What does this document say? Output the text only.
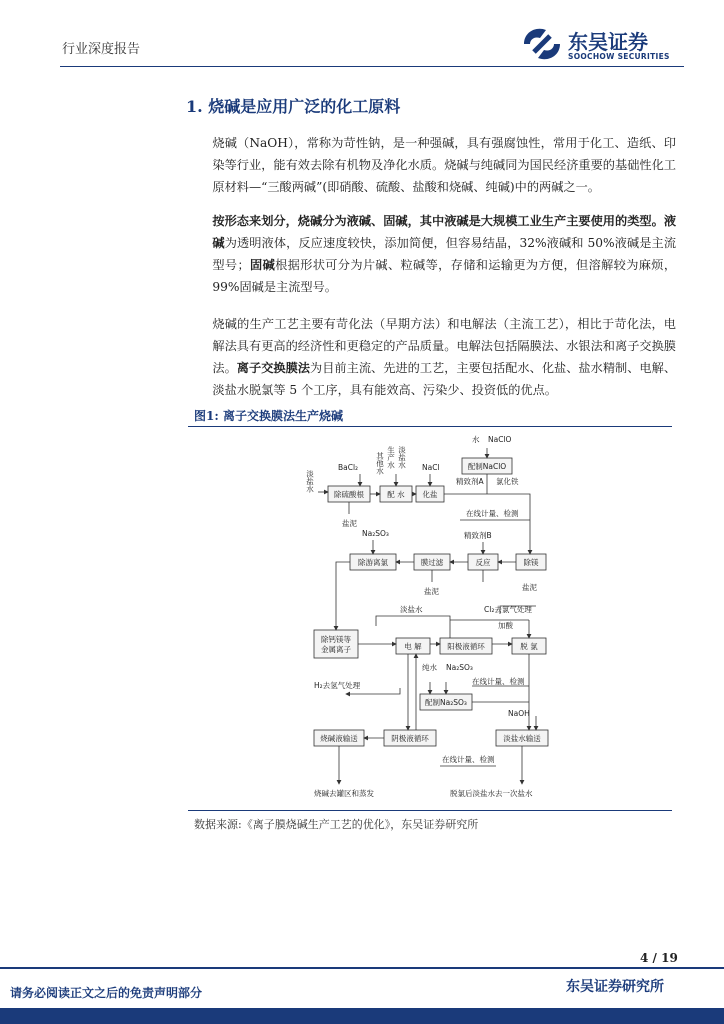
行业深度报告	东吴证券
SOOCHOW SECURITIES
1. 烧碱是应用广泛的化工原料
烧碱（NaOH），常称为苛性钠，是一种强碱，具有强腐蚀性，常用于化工、造纸、印染等行业，能有效去除有机物及净化水质。烧碱与纯碱同为国民经济重要的基础性化工原材料—“三酸两碱”(即硝酸、硫酸、盐酸和烧碱、纯碱)中的两碱之一。
按形态来划分，烧碱分为液碱、固碱，其中液碱是大规模工业生产主要使用的类型。液碱为透明液体，反应速度较快，添加简便，但容易结晶，32%液碱和 50%液碱是主流型号；固碱根据形状可分为片碱、粒碱等，存储和运输更为方便，但溶解较为麻烦，99%固碱是主流型号。
烧碱的生产工艺主要有苛化法（早期方法）和电解法（主流工艺），相比于苛化法，电解法具有更高的经济性和更稳定的产品质量。电解法包括隔膜法、水银法和离子交换膜法。离子交换膜法为目前主流、先进的工艺，主要包括配水、化盐、盐水精制、电解、淡盐水脱氯等 5 个工序，具有能效高、污染少、投资低的优点。
图1: 离子交换膜法生产烧碱
除硫酸根	配 水 化盐
配制NaClO
除游离氯	膜过滤	反应	除镁
除钙镁等
金属离子	电 解	阳极液循环	脱 氯
配制Na₂SO₃
烧碱液输送	阴极液循环	淡盐水输送
淡盐水
BaCl₂ 其他水 生产水 淡盐水 NaCl
水 NaClO
精致剂A 氯化铁
在线计量、检测
盐泥
Na₂SO₃	精致剂B
盐泥	盐泥
淡盐水	Cl₂去氯气处理
加酸
H₂去氢气处理
纯水 Na₂SO₃
在线计量、检测
NaOH
在线计量、检测
烧碱去罐区和蒸发	脱氯后淡盐水去一次盐水
数据来源:《离子膜烧碱生产工艺的优化》，东吴证券研究所
4 / 19
请务必阅读正文之后的免责声明部分	东吴证券研究所
